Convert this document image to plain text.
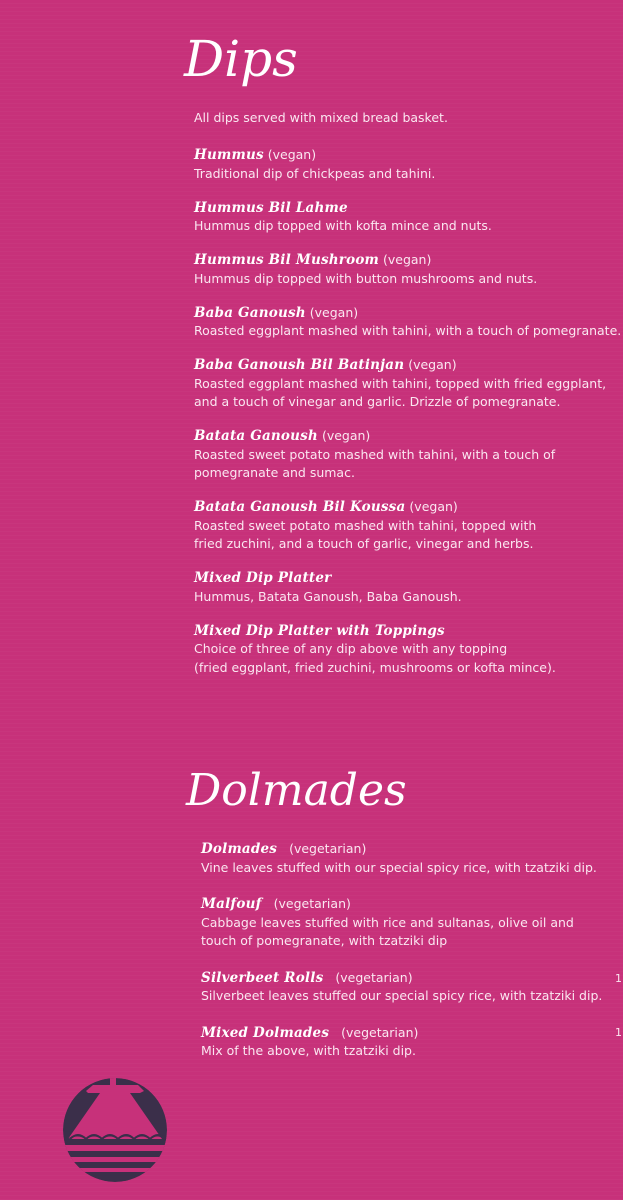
Dips

All dips served with mixed bread basket.

Hummus (vegan)
Traditional dip of chickpeas and tahini.
Hummus Bil Lahme
Hummus dip topped with kofta mince and nuts.
Hummus Bil Mushroom (vegan)
Hummus dip topped with button mushrooms and nuts.
Baba Ganoush (vegan)
Roasted eggplant mashed with tahini, with a touch of pomegranate.
Baba Ganoush Bil Batinjan (vegan)
Roasted eggplant mashed with tahini, topped with fried eggplant,
and a touch of vinegar and garlic. Drizzle of pomegranate.
Batata Ganoush (vegan)
Roasted sweet potato mashed with tahini, with a touch of
pomegranate and sumac.
Batata Ganoush Bil Koussa (vegan)
Roasted sweet potato mashed with tahini, topped with
fried zuchini, and a touch of garlic, vinegar and herbs.
Mixed Dip Platter
Hummus, Batata Ganoush, Baba Ganoush.
Mixed Dip Platter with Toppings
Choice of three of any dip above with any topping
(fried eggplant, fried zuchini, mushrooms or kofta mince).
Dolmades
Dolmades (vegetarian)
Vine leaves stuffed with our special spicy rice, with tzatziki dip.
Malfouf (vegetarian)
Cabbage leaves stuffed with rice and sultanas, olive oil and
touch of pomegranate, with tzatziki dip
Silverbeet Rolls (vegetarian)
Silverbeet leaves stuffed our special spicy rice, with tzatziki dip.
Mixed Dolmades (vegetarian)
Mix of the above, with tzatziki dip.
1
1
